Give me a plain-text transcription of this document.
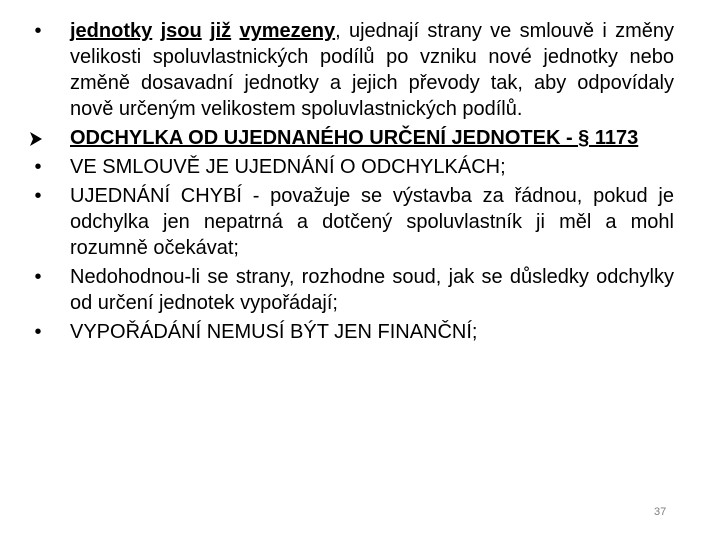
•	jednotky jsou již vymezeny, ujednají strany ve smlouvě i změny velikosti spoluvlastnických podílů po vzniku nové jednotky nebo změně dosavadní jednotky a jejich převody tak, aby odpovídaly nově určeným velikostem spoluvlastnických podílů.
ODCHYLKA OD UJEDNANÉHO URČENÍ JEDNOTEK - § 1173
•	VE SMLOUVĚ JE UJEDNÁNÍ O ODCHYLKÁCH;
•	UJEDNÁNÍ CHYBÍ - považuje se výstavba za řádnou, pokud je odchylka jen nepatrná a dotčený spoluvlastník ji měl a mohl rozumně očekávat;
•	Nedohodnou-li se strany, rozhodne soud, jak se důsledky odchylky od určení jednotek vypořádají;
•	VYPOŘÁDÁNÍ NEMUSÍ BÝT JEN FINANČNÍ;
37
